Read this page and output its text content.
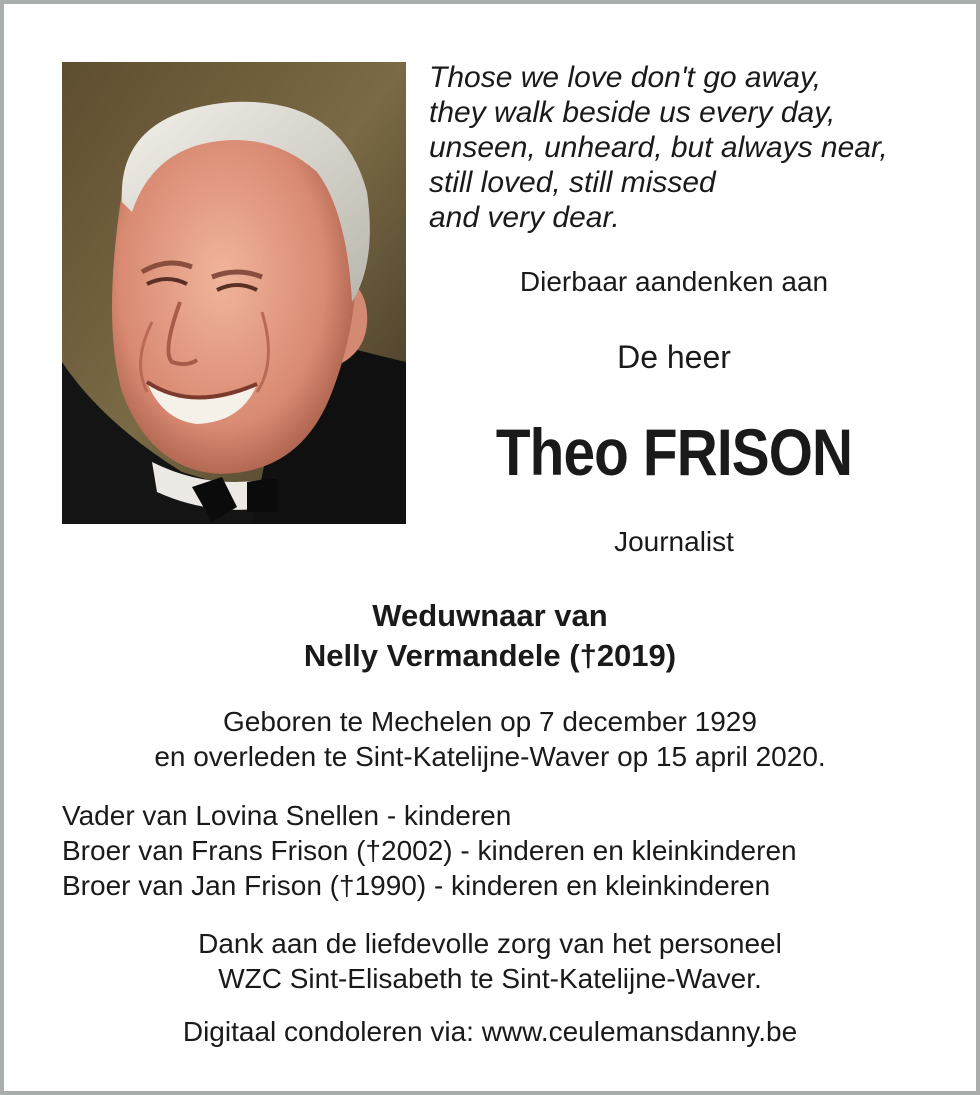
Those we love don't go away,
they walk beside us every day,
unseen, unheard, but always near,
still loved, still missed
and very dear.
Dierbaar aandenken aan
De heer
Theo FRISON
Journalist
Weduwnaar van
Nelly Vermandele (†2019)
Geboren te Mechelen op 7 december 1929
en overleden te Sint-Katelijne-Waver op 15 april 2020.
Vader van Lovina Snellen - kinderen
Broer van Frans Frison (†2002) - kinderen en kleinkinderen
Broer van Jan Frison (†1990) - kinderen en kleinkinderen
Dank aan de liefdevolle zorg van het personeel
WZC Sint-Elisabeth te Sint-Katelijne-Waver.
Digitaal condoleren via: www.ceulemansdanny.be
